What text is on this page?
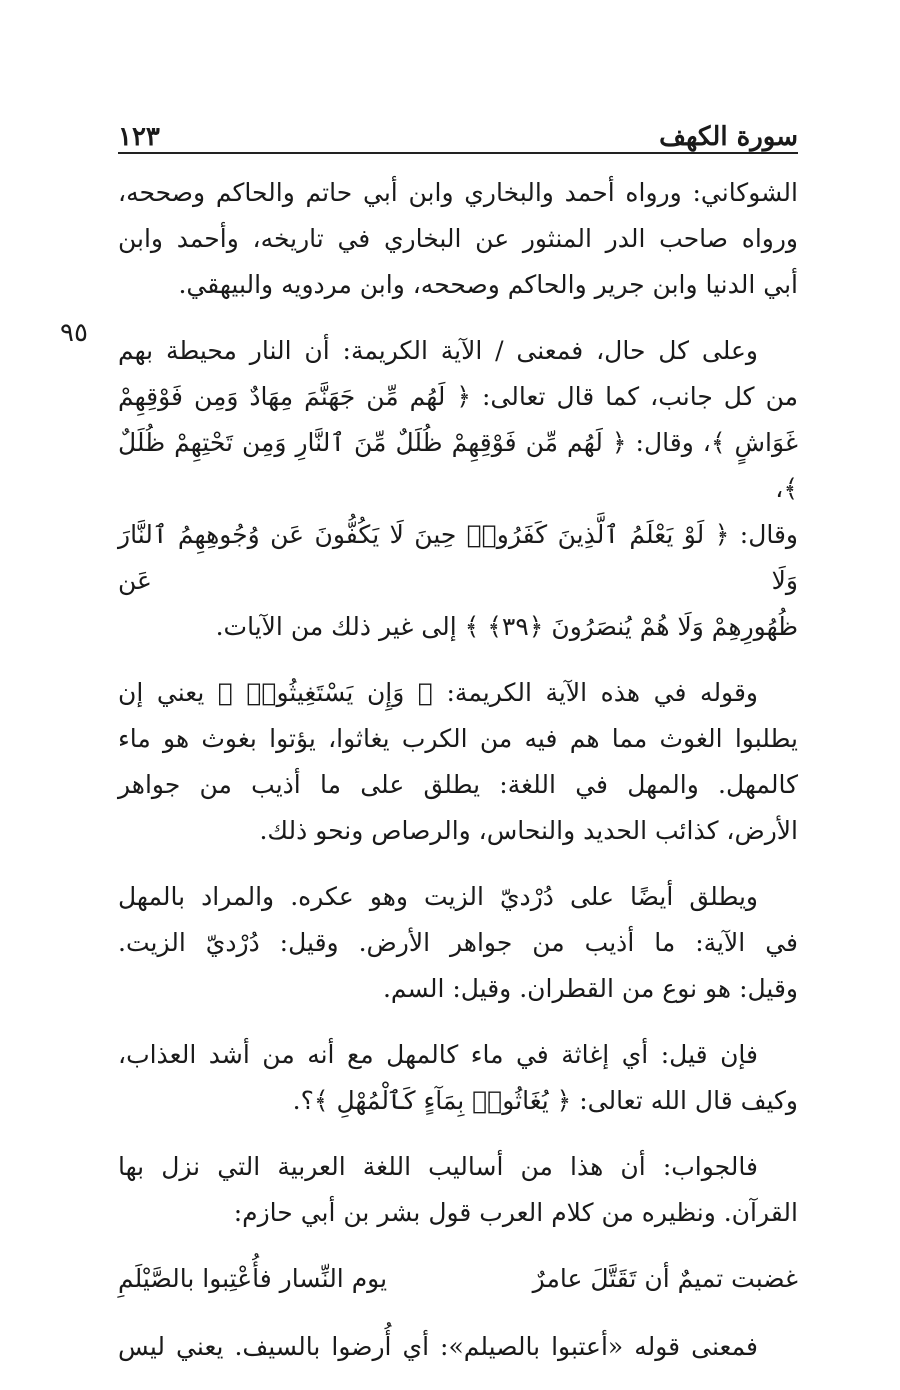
سورة الكهف
١٢٣
٩٥

الشوكاني: ورواه أحمد والبخاري وابن أبي حاتم والحاكم وصححه،
ورواه صاحب الدر المنثور عن البخاري في تاريخه، وأحمد وابن
أبي الدنيا وابن جرير والحاكم وصححه، وابن مردويه والبيهقي.

وعلى كل حال، فمعنى / الآية الكريمة: أن النار محيطة بهم
من كل جانب، كما قال تعالى: ﴿ لَهُم مِّن جَهَنَّمَ مِهَادٌ وَمِن فَوْقِهِمْ
غَوَاشٍ ﴾، وقال: ﴿ لَهُم مِّن فَوْقِهِمْ ظُلَلٌ مِّنَ ٱلنَّارِ وَمِن تَحْتِهِمْ ظُلَلٌ ﴾،
وقال: ﴿ لَوْ يَعْلَمُ ٱلَّذِينَ كَفَرُوا۟ حِينَ لَا يَكُفُّونَ عَن وُجُوهِهِمُ ٱلنَّارَ وَلَا عَن
ظُهُورِهِمْ وَلَا هُمْ يُنصَرُونَ ﴿٣٩﴾ ﴾ إلى غير ذلك من الآيات.

وقوله في هذه الآية الكريمة: ﴿ وَإِن يَسْتَغِيثُوا۟ ﴾ يعني إن
يطلبوا الغوث مما هم فيه من الكرب يغاثوا، يؤتوا بغوث هو ماء
كالمهل. والمهل في اللغة: يطلق على ما أذيب من جواهر
الأرض، كذائب الحديد والنحاس، والرصاص ونحو ذلك.

ويطلق أيضًا على دُرْديّ الزيت وهو عكره. والمراد بالمهل
في الآية: ما أذيب من جواهر الأرض. وقيل: دُرْديّ الزيت.
وقيل: هو نوع من القطران. وقيل: السم.

فإن قيل: أي إغاثة في ماء كالمهل مع أنه من أشد العذاب،
وكيف قال الله تعالى: ﴿ يُغَاثُوا۟ بِمَآءٍ كَٱلْمُهْلِ ﴾؟.

فالجواب: أن هذا من أساليب اللغة العربية التي نزل بها
القرآن. ونظيره من كلام العرب قول بشر بن أبي حازم:

غضبت تميمٌ أن تَقَتَّلَ عامرٌ
يوم النِّسار فأُعْتِبوا بالصَّيْلَمِ

فمعنى قوله «أعتبوا بالصيلم»: أي أُرضوا بالسيف. يعني ليس
